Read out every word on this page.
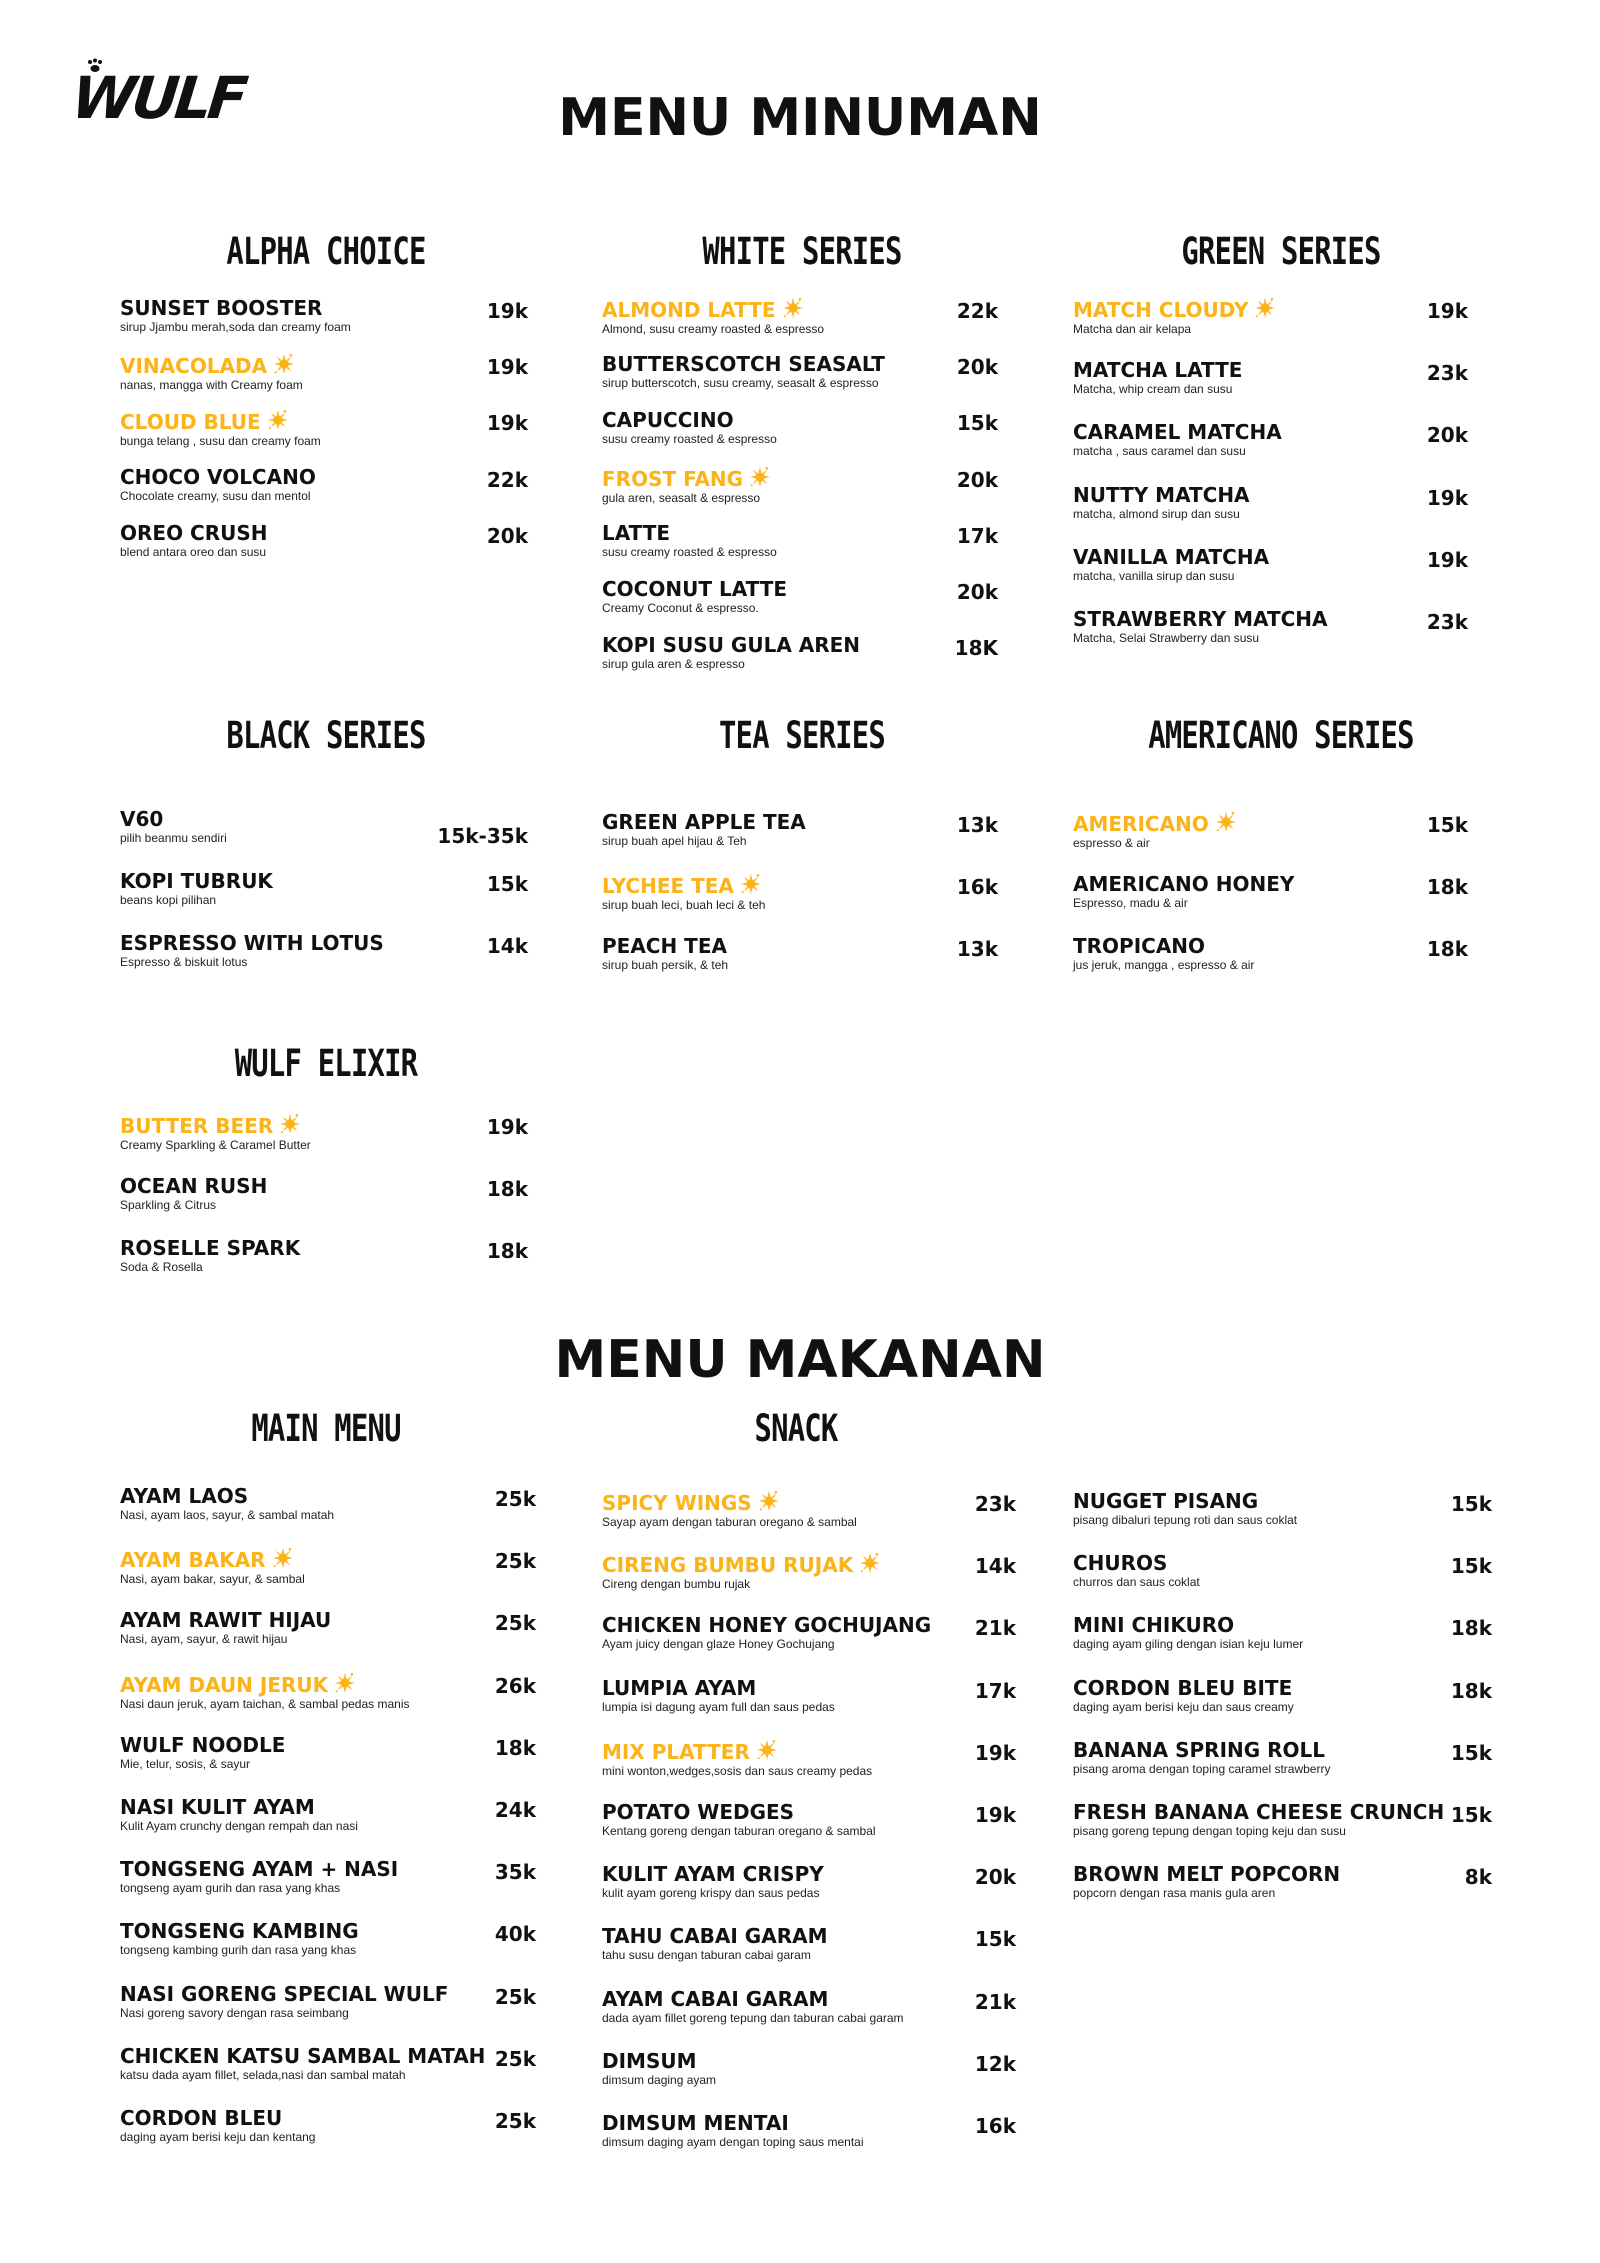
WULF	MENU MINUMAN
MENU MAKANAN
ALPHA CHOICE
SUNSET BOOSTER
sirup Jjambu merah,soda dan creamy foam
19k
VINACOLADA
nanas, mangga with Creamy foam
19k
CLOUD BLUE
bunga telang , susu dan creamy foam
19k
CHOCO VOLCANO
Chocolate creamy, susu dan mentol
22k
OREO CRUSH
blend antara oreo dan susu
20k
WHITE SERIES
ALMOND LATTE
Almond, susu creamy roasted & espresso
22k
BUTTERSCOTCH SEASALT
sirup butterscotch, susu creamy, seasalt & espresso
20k
CAPUCCINO
susu creamy roasted & espresso
15k
FROST FANG
gula aren, seasalt & espresso
20k
LATTE
susu creamy roasted & espresso
17k
COCONUT LATTE
Creamy Coconut & espresso.
20k
KOPI SUSU GULA AREN
sirup gula aren & espresso
18K
GREEN SERIES
MATCH CLOUDY
Matcha dan air kelapa
19k
MATCHA LATTE
Matcha, whip cream dan susu
23k
CARAMEL MATCHA
matcha , saus caramel dan susu
20k
NUTTY MATCHA
matcha, almond sirup dan susu
19k
VANILLA MATCHA
matcha, vanilla sirup dan susu
19k
STRAWBERRY MATCHA
Matcha, Selai Strawberry dan susu
23k
BLACK SERIES
V60
pilih beanmu sendiri	15k-35k
KOPI TUBRUK
beans kopi pilihan
15k
ESPRESSO WITH LOTUS
Espresso & biskuit lotus
14k
TEA SERIES
GREEN APPLE TEA
sirup buah apel hijau & Teh
13k
LYCHEE TEA
sirup buah leci, buah leci & teh
16k
PEACH TEA
sirup buah persik, & teh
13k
AMERICANO SERIES
AMERICANO
espresso & air
15k
AMERICANO HONEY
Espresso, madu & air
18k
TROPICANO
jus jeruk, mangga , espresso & air
18k
WULF ELIXIR
BUTTER BEER
Creamy Sparkling & Caramel Butter
19k
OCEAN RUSH
Sparkling & Citrus
18k
ROSELLE SPARK
Soda & Rosella
18k
MAIN MENU
AYAM LAOS
Nasi, ayam laos, sayur, & sambal matah
25k
AYAM BAKAR
Nasi, ayam bakar, sayur, & sambal
25k
AYAM RAWIT HIJAU
Nasi, ayam, sayur, & rawit hijau
25k
AYAM DAUN JERUK
Nasi daun jeruk, ayam taichan, & sambal pedas manis
26k
WULF NOODLE
Mie, telur, sosis, & sayur
18k
NASI KULIT AYAM
Kulit Ayam crunchy dengan rempah dan nasi
24k
TONGSENG AYAM + NASI
tongseng ayam gurih dan rasa yang khas
35k
TONGSENG KAMBING
tongseng kambing gurih dan rasa yang khas
40k
NASI GORENG SPECIAL WULF
Nasi goreng savory dengan rasa seimbang
25k
CHICKEN KATSU SAMBAL MATAH
katsu dada ayam fillet, selada,nasi dan sambal matah
25k
CORDON BLEU
daging ayam berisi keju dan kentang
25k
SNACK
SPICY WINGS
Sayap ayam dengan taburan oregano & sambal
23k
CIRENG BUMBU RUJAK
Cireng dengan bumbu rujak
14k
CHICKEN HONEY GOCHUJANG
Ayam juicy dengan glaze Honey Gochujang
21k
LUMPIA AYAM
lumpia isi dagung ayam full dan saus pedas
17k
MIX PLATTER
mini wonton,wedges,sosis dan saus creamy pedas
19k
POTATO WEDGES
Kentang goreng dengan taburan oregano & sambal
19k
KULIT AYAM CRISPY
kulit ayam goreng krispy dan saus pedas
20k
TAHU CABAI GARAM
tahu susu dengan taburan cabai garam
15k
AYAM CABAI GARAM
dada ayam fillet goreng tepung dan taburan cabai garam
21k
DIMSUM
dimsum daging ayam
12k
DIMSUM MENTAI
dimsum daging ayam dengan toping saus mentai
16k
NUGGET PISANG
pisang dibaluri tepung roti dan saus coklat
15k
CHUROS
churros dan saus coklat
15k
MINI CHIKURO
daging ayam giling dengan isian keju lumer
18k
CORDON BLEU BITE
daging ayam berisi keju dan saus creamy
18k
BANANA SPRING ROLL
pisang aroma dengan toping caramel strawberry
15k
FRESH BANANA CHEESE CRUNCH
pisang goreng tepung dengan toping keju dan susu
15k
BROWN MELT POPCORN
popcorn dengan rasa manis gula aren
8k
